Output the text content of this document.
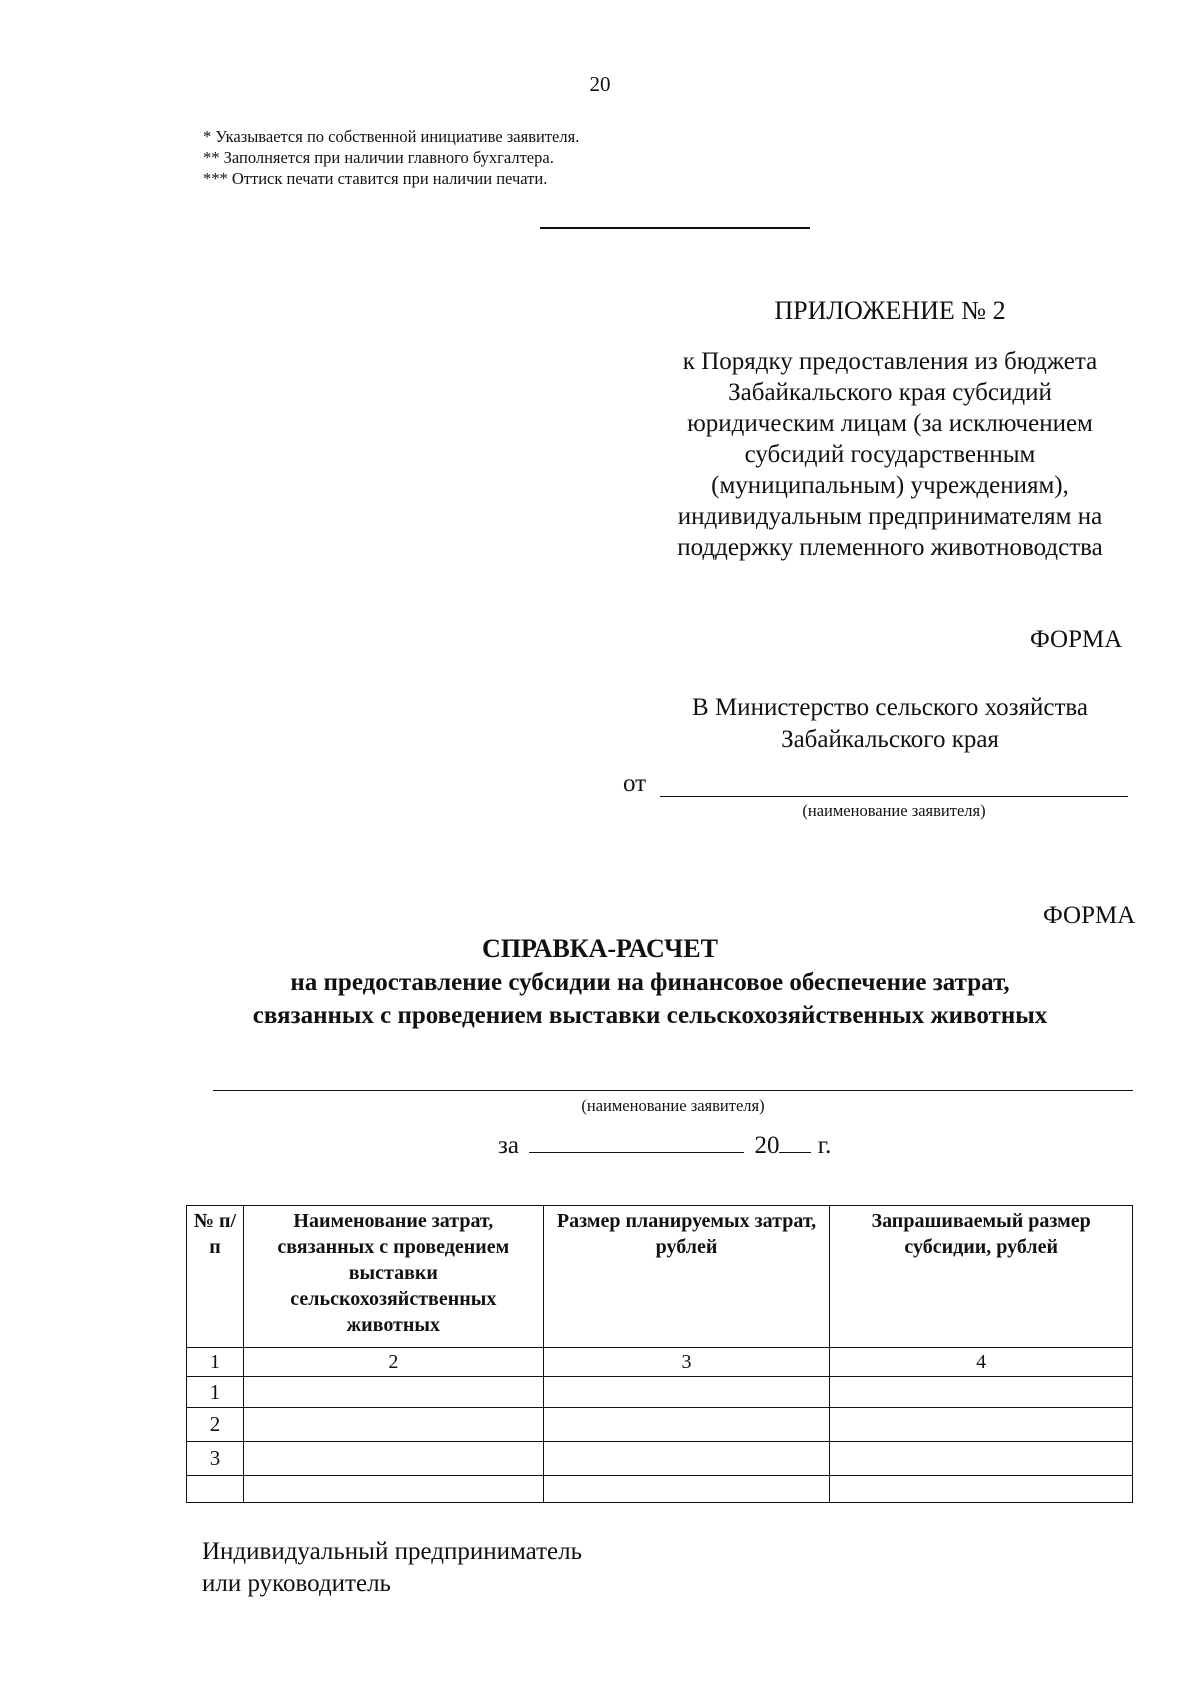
20
* Указывается по собственной инициативе заявителя.
** Заполняется при наличии главного бухгалтера.
*** Оттиск печати ставится при наличии печати.
ПРИЛОЖЕНИЕ № 2
к Порядку предоставления из бюджета
Забайкальского края субсидий
юридическим лицам (за исключением
субсидий государственным
(муниципальным) учреждениям),
индивидуальным предпринимателям на
поддержку племенного животноводства
ФОРМА
В Министерство сельского хозяйства
Забайкальского края
от
(наименование заявителя)
ФОРМА
СПРАВКА-РАСЧЕТ
на предоставление субсидии на финансовое обеспечение затрат,
связанных с проведением выставки сельскохозяйственных животных
(наименование заявителя)
за	20 г.
№ п/п	Наименование затрат, связанных с проведением выставки сельскохозяйственных животных	Размер планируемых затрат, рублей	Запрашиваемый размер субсидии, рублей
1	2	3	4
1			
2			
3			

Индивидуальный предприниматель
или руководитель
